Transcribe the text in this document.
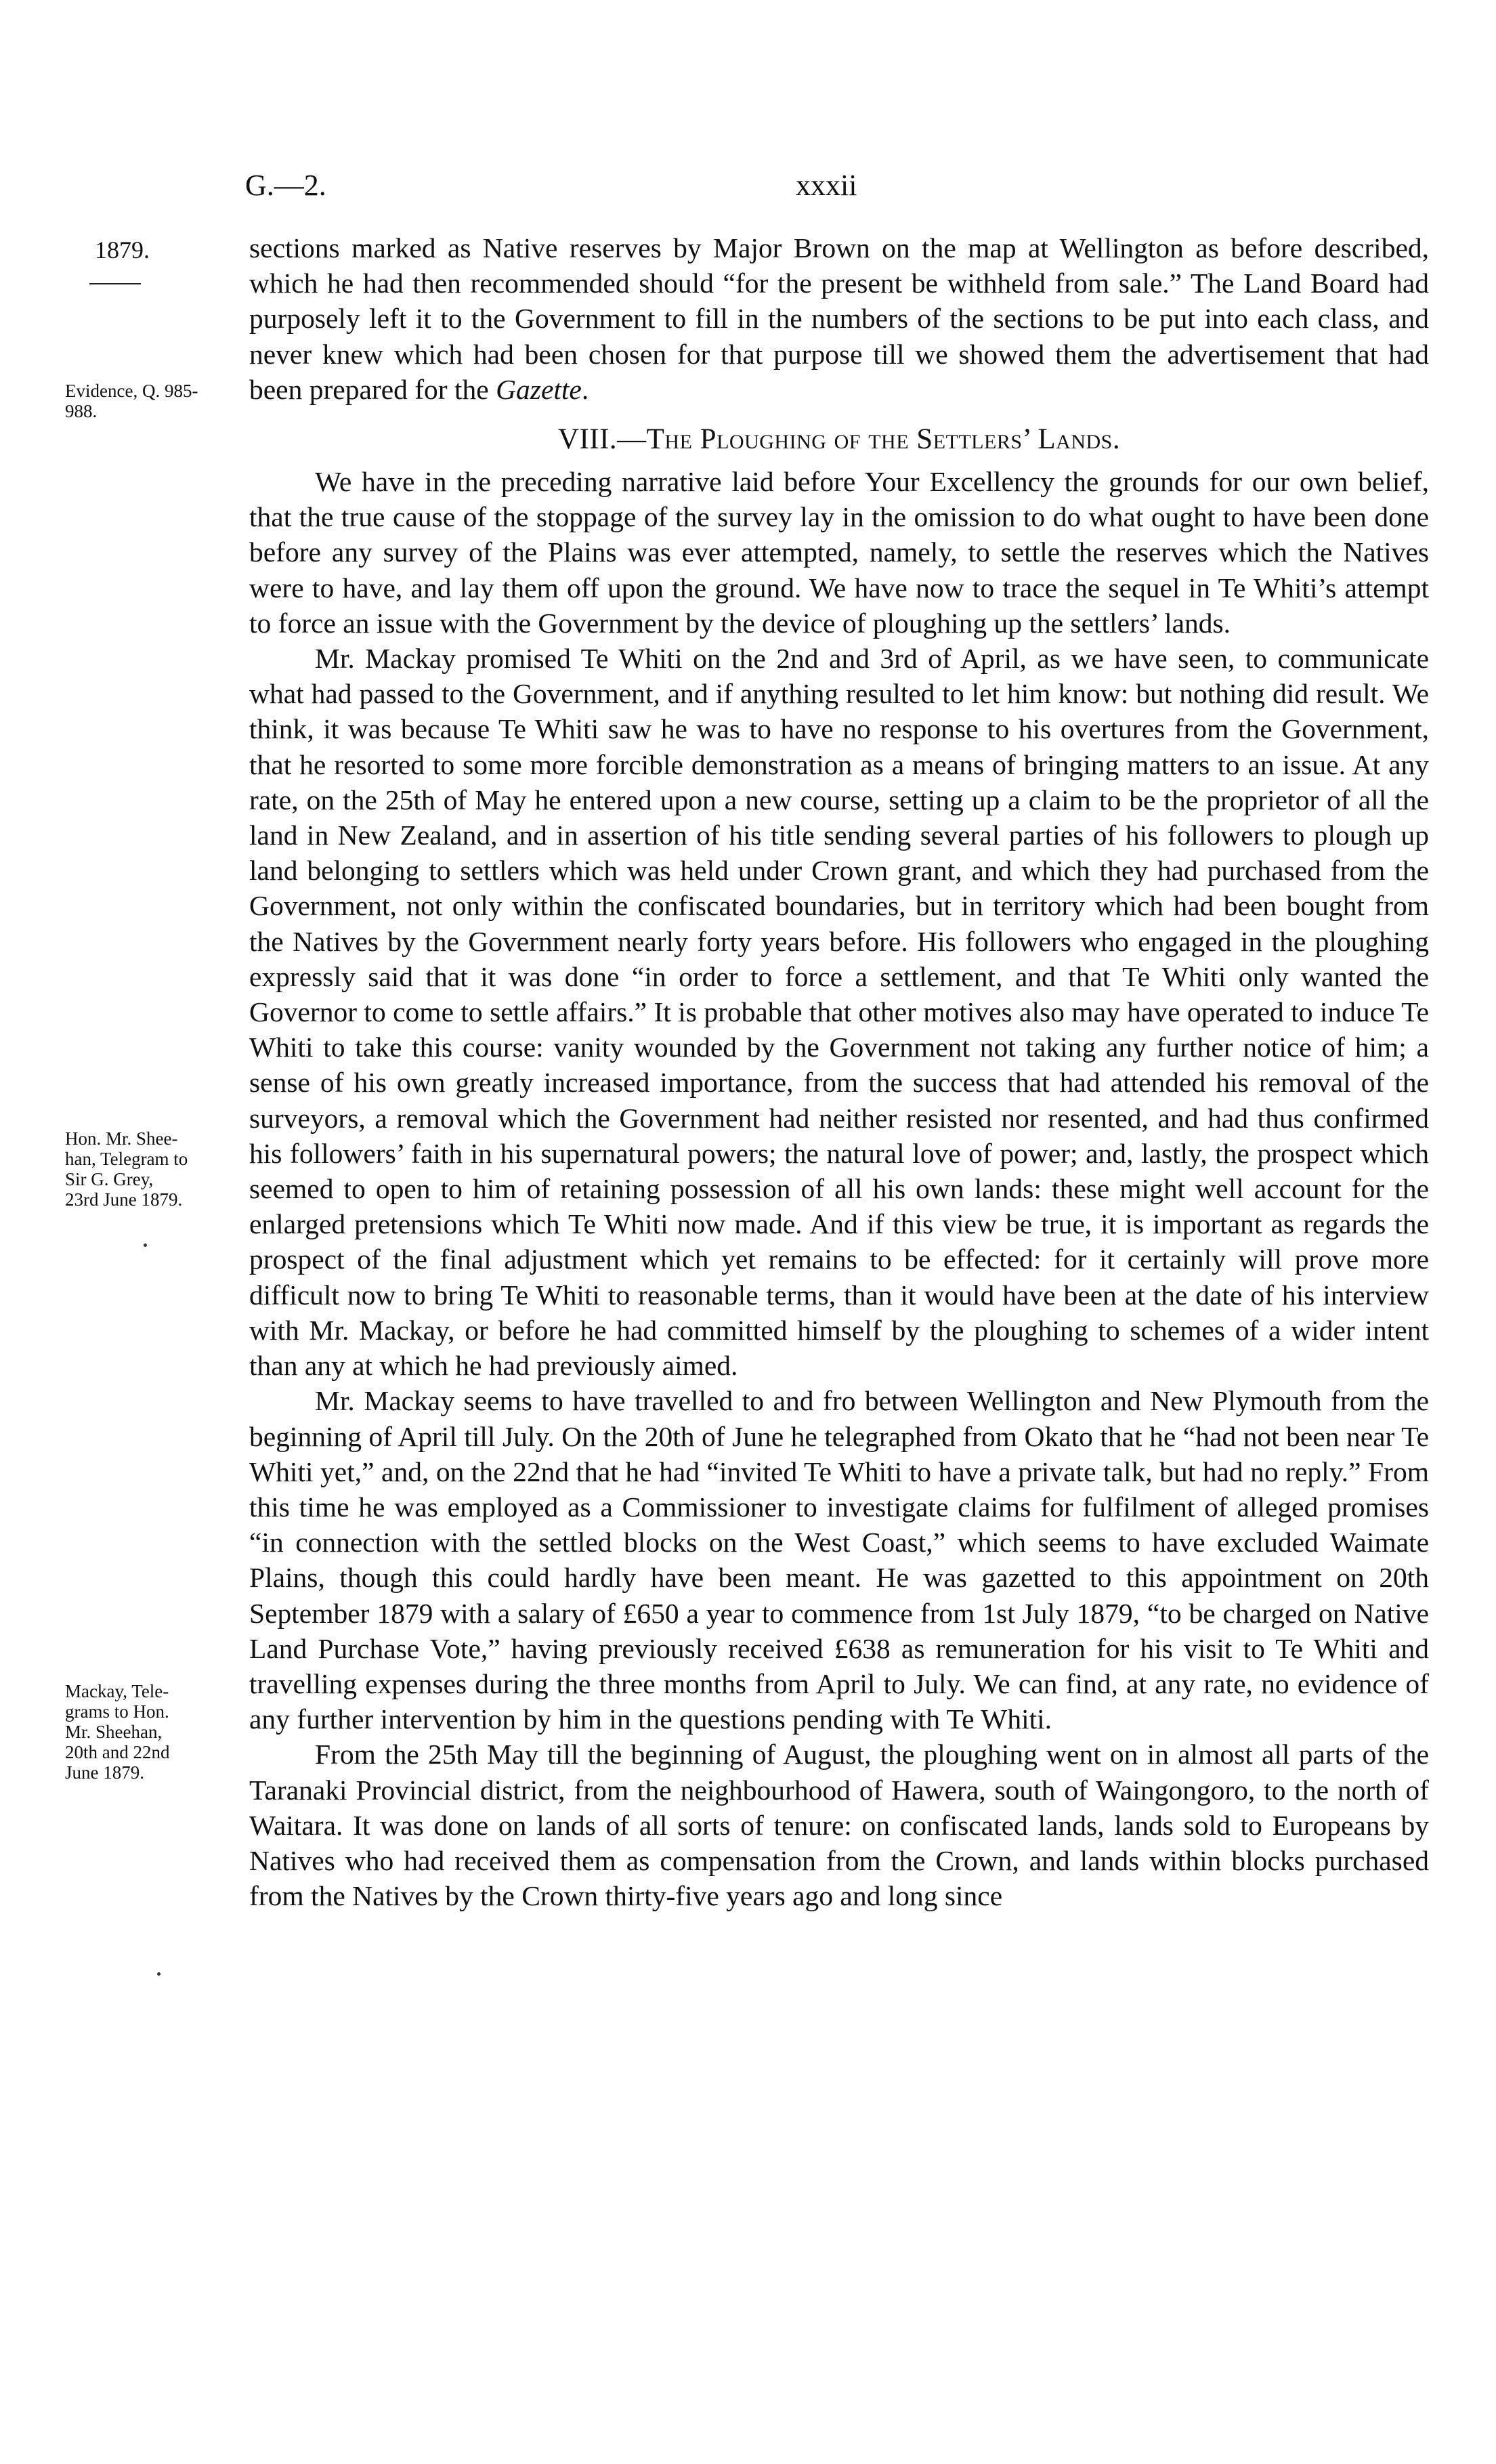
G.—2.	xxxii
1879.
Evidence, Q. 985-
988.
Hon. Mr. Shee-
han, Telegram to
Sir G. Grey,
23rd June 1879.
Mackay, Tele-
grams to Hon.
Mr. Sheehan,
20th and 22nd
June 1879.

sections marked as Native reserves by Major Brown on the map at Wellington as before described, which he had then recommended should “for the present be withheld from sale.” The Land Board had purposely left it to the Government to fill in the numbers of the sections to be put into each class, and never knew which had been chosen for that purpose till we showed them the advertisement that had been prepared for the Gazette.

VIII.—The Ploughing of the Settlers’ Lands.

We have in the preceding narrative laid before Your Excellency the grounds for our own belief, that the true cause of the stoppage of the survey lay in the omission to do what ought to have been done before any survey of the Plains was ever attempted, namely, to settle the reserves which the Natives were to have, and lay them off upon the ground. We have now to trace the sequel in Te Whiti’s attempt to force an issue with the Government by the device of ploughing up the settlers’ lands.

Mr. Mackay promised Te Whiti on the 2nd and 3rd of April, as we have seen, to communicate what had passed to the Government, and if anything resulted to let him know: but nothing did result. We think, it was because Te Whiti saw he was to have no response to his overtures from the Government, that he resorted to some more forcible demonstration as a means of bringing matters to an issue. At any rate, on the 25th of May he entered upon a new course, setting up a claim to be the proprietor of all the land in New Zealand, and in assertion of his title sending several parties of his followers to plough up land belonging to settlers which was held under Crown grant, and which they had purchased from the Government, not only within the confiscated boundaries, but in territory which had been bought from the Natives by the Government nearly forty years before. His followers who engaged in the ploughing expressly said that it was done “in order to force a settlement, and that Te Whiti only wanted the Governor to come to settle affairs.” It is probable that other motives also may have operated to induce Te Whiti to take this course: vanity wounded by the Government not taking any further notice of him; a sense of his own greatly increased importance, from the success that had attended his removal of the surveyors, a removal which the Government had neither resisted nor resented, and had thus confirmed his followers’ faith in his supernatural powers; the natural love of power; and, lastly, the prospect which seemed to open to him of retaining possession of all his own lands: these might well account for the enlarged pretensions which Te Whiti now made. And if this view be true, it is important as regards the prospect of the final adjustment which yet remains to be effected: for it certainly will prove more difficult now to bring Te Whiti to reasonable terms, than it would have been at the date of his interview with Mr. Mackay, or before he had committed himself by the ploughing to schemes of a wider intent than any at which he had previously aimed.

Mr. Mackay seems to have travelled to and fro between Wellington and New Plymouth from the beginning of April till July. On the 20th of June he telegraphed from Okato that he “had not been near Te Whiti yet,” and, on the 22nd that he had “invited Te Whiti to have a private talk, but had no reply.” From this time he was employed as a Commissioner to investigate claims for fulfilment of alleged promises “in connection with the settled blocks on the West Coast,” which seems to have excluded Waimate Plains, though this could hardly have been meant. He was gazetted to this appointment on 20th September 1879 with a salary of £650 a year to commence from 1st July 1879, “to be charged on Native Land Purchase Vote,” having previously received £638 as remuneration for his visit to Te Whiti and travelling expenses during the three months from April to July. We can find, at any rate, no evidence of any further intervention by him in the questions pending with Te Whiti.

From the 25th May till the beginning of August, the ploughing went on in almost all parts of the Taranaki Provincial district, from the neighbourhood of Hawera, south of Waingongoro, to the north of Waitara. It was done on lands of all sorts of tenure: on confiscated lands, lands sold to Europeans by Natives who had received them as compensation from the Crown, and lands within blocks purchased from the Natives by the Crown thirty-five years ago and long since
